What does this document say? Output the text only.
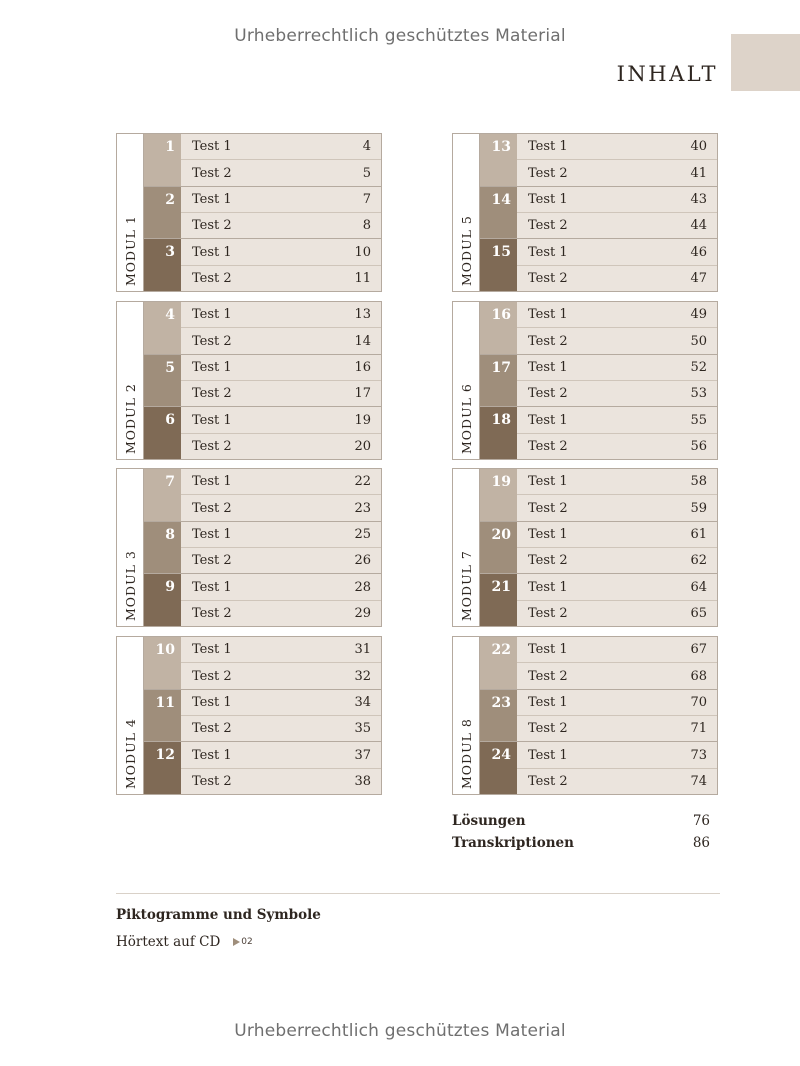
Urheberrechtlich geschütztes Material
INHALT
MODUL 1
1	Test 1	4
Test 2	5
2	Test 1	7
Test 2	8
3	Test 1	10
Test 2	11
MODUL 2
4	Test 1	13
Test 2	14
5	Test 1	16
Test 2	17
6	Test 1	19
Test 2	20
MODUL 3
7	Test 1	22
Test 2	23
8	Test 1	25
Test 2	26
9	Test 1	28
Test 2	29
MODUL 4
10	Test 1	31
Test 2	32
11	Test 1	34
Test 2	35
12	Test 1	37
Test 2	38
MODUL 5
13	Test 1	40
Test 2	41
14	Test 1	43
Test 2	44
15	Test 1	46
Test 2	47
MODUL 6
16	Test 1	49
Test 2	50
17	Test 1	52
Test 2	53
18	Test 1	55
Test 2	56
MODUL 7
19	Test 1	58
Test 2	59
20	Test 1	61
Test 2	62
21	Test 1	64
Test 2	65
MODUL 8
22	Test 1	67
Test 2	68
23	Test 1	70
Test 2	71
24	Test 1	73
Test 2	74
Lösungen	76
Transkriptionen	86
Piktogramme und Symbole
Hörtext auf CD 02
Urheberrechtlich geschütztes Material
